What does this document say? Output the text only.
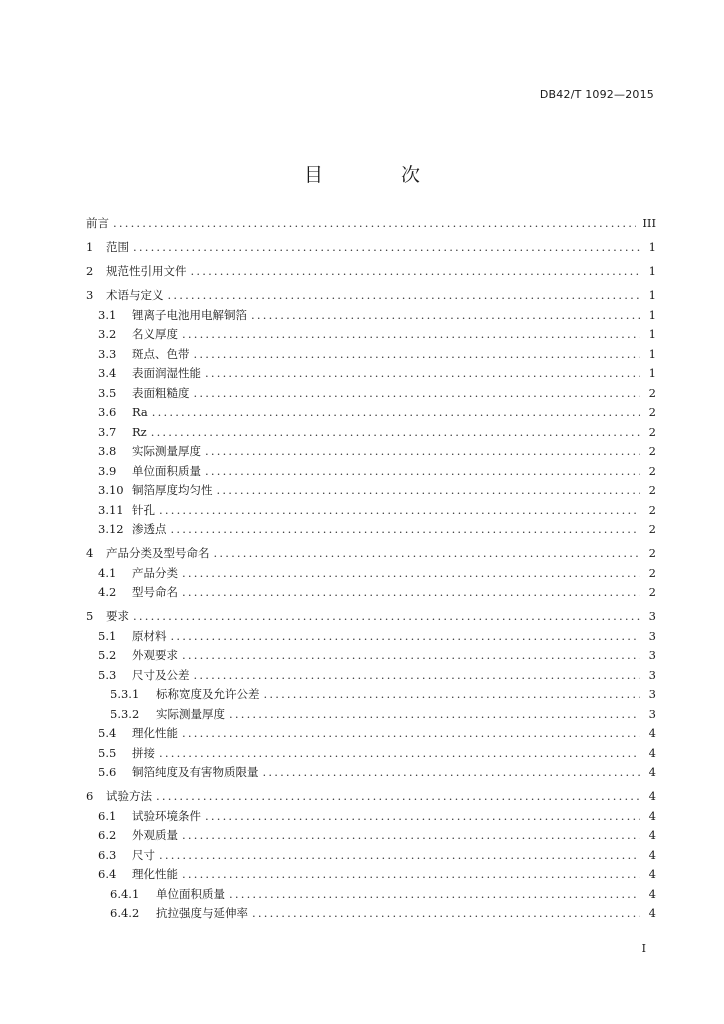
DB42/T 1092—2015
目 次
前言 .....	III
1 范围 .....	1
2 规范性引用文件 .....	1
3 术语与定义 .....	1
3.1 锂离子电池用电解铜箔 .....	1
3.2 名义厚度 .....	1
3.3 斑点、色带 .....	1
3.4 表面润湿性能 .....	1
3.5 表面粗糙度 .....	2
3.6 Ra .....	2
3.7 Rz .....	2
3.8 实际测量厚度 .....	2
3.9 单位面积质量 .....	2
3.10 铜箔厚度均匀性 .....	2
3.11 针孔 .....	2
3.12 渗透点 .....	2
4 产品分类及型号命名 .....	2
4.1 产品分类 .....	2
4.2 型号命名 .....	2
5 要求 .....	3
5.1 原材料 .....	3
5.2 外观要求 .....	3
5.3 尺寸及公差 .....	3
5.3.1 标称宽度及允许公差 .....	3
5.3.2 实际测量厚度 .....	3
5.4 理化性能 .....	4
5.5 拼接 .....	4
5.6 铜箔纯度及有害物质限量 .....	4
6 试验方法 .....	4
6.1 试验环境条件 .....	4
6.2 外观质量 .....	4
6.3 尺寸 .....	4
6.4 理化性能 .....	4
6.4.1 单位面积质量 .....	4
6.4.2 抗拉强度与延伸率 .....	4
I
